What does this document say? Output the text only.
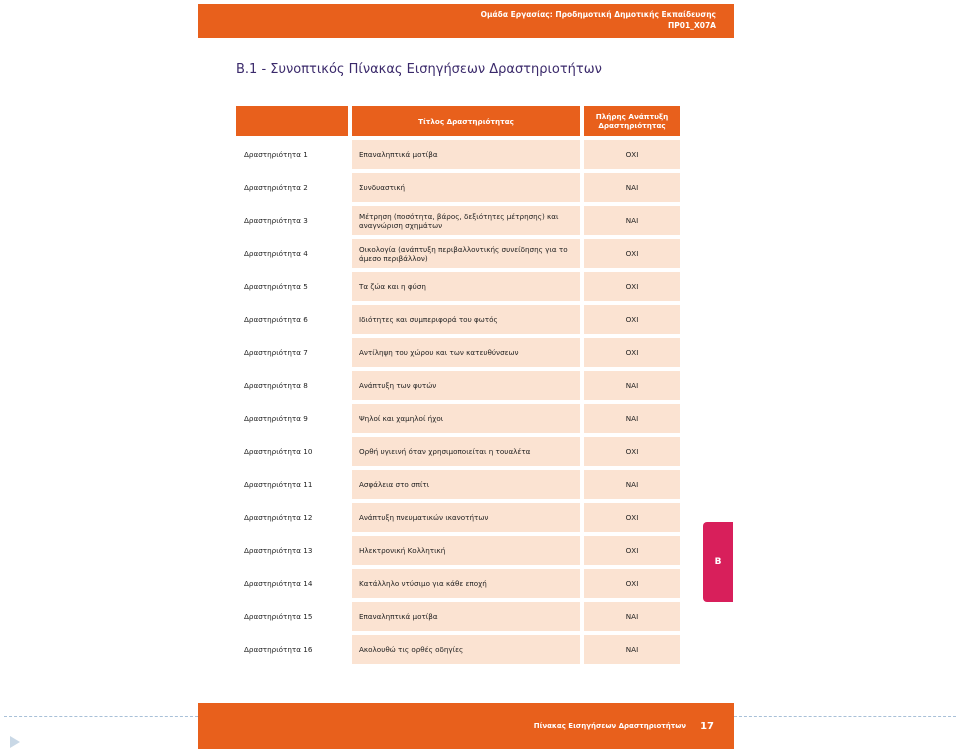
Ομάδα Εργασίας: Προδημοτική Δημοτικής Εκπαίδευσης
ΠΡ01_Χ07Α
B.1 - Συνοπτικός Πίνακας Εισηγήσεων Δραστηριοτήτων
	Τίτλος Δραστηριότητας	Πλήρης Ανάπτυξη Δραστηριότητας
Δραστηριότητα 1	Επαναληπτικά μοτίβα	ΟΧΙ
Δραστηριότητα 2	Συνδυαστική	ΝΑΙ
Δραστηριότητα 3	Μέτρηση (ποσότητα, βάρος, δεξιότητες μέτρησης) και αναγνώριση σχημάτων	ΝΑΙ
Δραστηριότητα 4	Οικολογία (ανάπτυξη περιβαλλοντικής συνείδησης για το άμεσο περιβάλλον)	ΟΧΙ
Δραστηριότητα 5	Τα ζώα και η φύση	ΟΧΙ
Δραστηριότητα 6	Ιδιότητες και συμπεριφορά του φωτός	ΟΧΙ
Δραστηριότητα 7	Αντίληψη του χώρου και των κατευθύνσεων	ΟΧΙ
Δραστηριότητα 8	Ανάπτυξη των φυτών	ΝΑΙ
Δραστηριότητα 9	Ψηλοί και χαμηλοί ήχοι	ΝΑΙ
Δραστηριότητα 10	Ορθή υγιεινή όταν χρησιμοποιείται η τουαλέτα	ΟΧΙ
Δραστηριότητα 11	Ασφάλεια στο σπίτι	ΝΑΙ
Δραστηριότητα 12	Ανάπτυξη πνευματικών ικανοτήτων	ΟΧΙ
Δραστηριότητα 13	Ηλεκτρονική Κολλητική	ΟΧΙ
Δραστηριότητα 14	Κατάλληλο ντύσιμο για κάθε εποχή	ΟΧΙ
Δραστηριότητα 15	Επαναληπτικά μοτίβα	ΝΑΙ
Δραστηριότητα 16	Ακολουθώ τις ορθές οδηγίες	ΝΑΙ
Β
Πίνακας Εισηγήσεων Δραστηριοτήτων 17
